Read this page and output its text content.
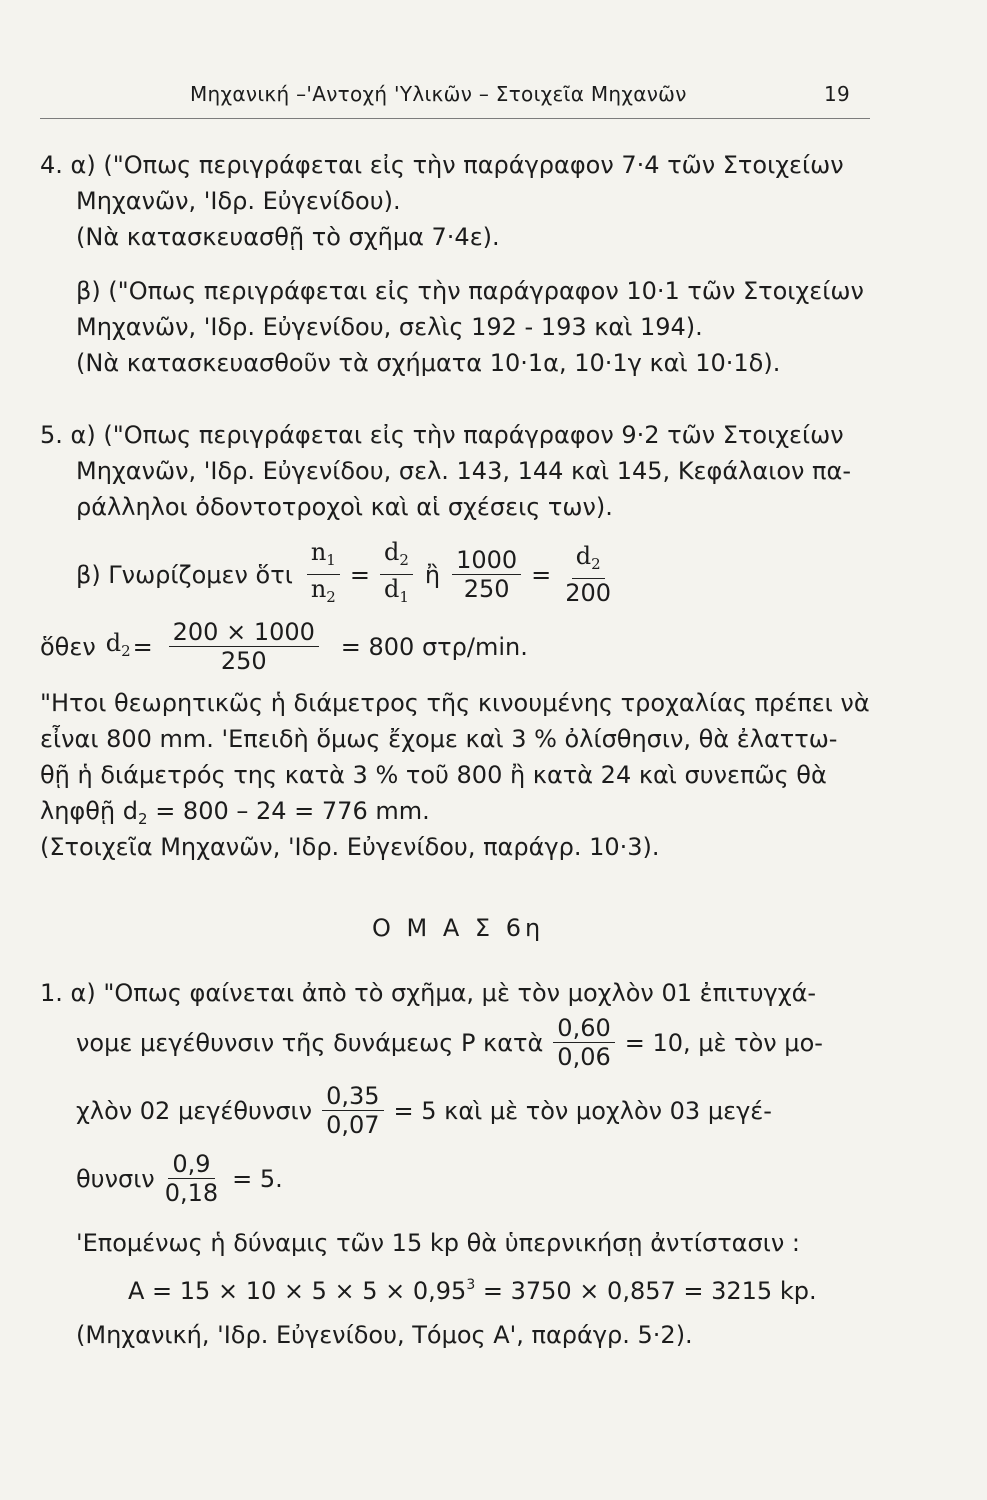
Μηχανική –'Αντοχή 'Υλικῶν – Στοιχεῖα Μηχανῶν	19
4. α) ("Οπως περιγράφεται εἰς τὴν παράγραφον 7·4 τῶν Στοιχείων
Μηχανῶν, 'Ιδρ. Εὐγενίδου).
(Νὰ κατασκευασθῇ τὸ σχῆμα 7·4ε).
β) ("Οπως περιγράφεται εἰς τὴν παράγραφον 10·1 τῶν Στοιχείων
Μηχανῶν, 'Ιδρ. Εὐγενίδου, σελὶς 192 - 193 καὶ 194).
(Νὰ κατασκευασθοῦν τὰ σχήματα 10·1α, 10·1γ καὶ 10·1δ).
5. α) ("Οπως περιγράφεται εἰς τὴν παράγραφον 9·2 τῶν Στοιχείων
Μηχανῶν, 'Ιδρ. Εὐγενίδου, σελ. 143, 144 καὶ 145, Κεφάλαιον πα-
ράλληλοι ὀδοντοτροχοὶ καὶ αἱ σχέσεις των).
β) Γνωρίζομεν ὅτι $\frac{n_1}{n_2} = \frac{d_2}{d_1}$ ἢ $\frac{1000}{250} = \frac{d_2}{200}$
ὅθεν $d_2 = \frac{200 \times 1000}{250} = 800$ στρ/min.
"Ητοι θεωρητικῶς ἡ διάμετρος τῆς κινουμένης τροχαλίας πρέπει νὰ
εἶναι 800 mm. 'Επειδὴ ὅμως ἔχομε καὶ 3 % ὀλίσθησιν, θὰ ἐλαττω-
θῇ ἡ διάμετρός της κατὰ 3 % τοῦ 800 ἢ κατὰ 24 καὶ συνεπῶς θὰ
ληφθῇ $d_2 = 800 - 24 = 776$ mm.
(Στοιχεῖα Μηχανῶν, 'Ιδρ. Εὐγενίδου, παράγρ. 10·3).
Ο Μ Α Σ 6η
1. α) "Οπως φαίνεται ἀπὸ τὸ σχῆμα, μὲ τὸν μοχλὸν 01 ἐπιτυγχά-
νομε μεγέθυνσιν τῆς δυνάμεως P κατὰ $\frac{0,60}{0,06} = 10$, μὲ τὸν μο-
χλὸν 02 μεγέθυνσιν $\frac{0,35}{0,07} = 5$ καὶ μὲ τὸν μοχλὸν 03 μεγέ-
θυνσιν $\frac{0,9}{0,18} = 5$.
'Επομένως ἡ δύναμις τῶν 15 kp θὰ ὑπερνικήσῃ ἀντίστασιν :
$A = 15 \times 10 \times 5 \times 5 \times 0,95^3 = 3750 \times 0,857 = 3215$ kp.
(Μηχανική, 'Ιδρ. Εὐγενίδου, Τόμος Α', παράγρ. 5·2).
